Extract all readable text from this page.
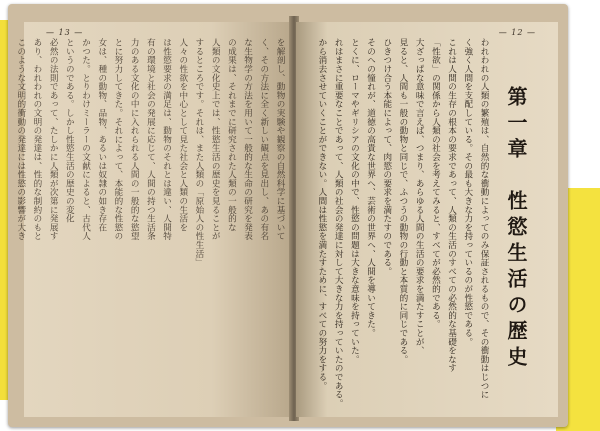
— 13 —
を解剖し、動物の実験や観察の自然科学に基づいて
く、その方法に全く新しい観点を見出し、あの有名
な生物学の方法を用いて一般的な生命の研究を発表
の成果は、それまでに研究された人類の一般的な
人類の文化史上では、性慾生活の歴史を見ることが
するところです。それは、また人類の「原始人の性生活」
人々の性欲を中心として見た社会と人類の生活を
は性慾要求の満足は、動物のそれとは違い、人間特
有の環境と社会の発展に応じて、人間の持つ生活条
力のある文化の中に入れられる人間の一般的な慾望
とに努力してきた。それによって、本能的な性慾の
女は、種の動物、品物、あるいは奴隷の如き存在
かつた。とりわけミーラーの文献によると、古代人
というのである。しかし性慾生活の歴史の変化
必然の法則であって、たしかに人類が次第に発展す
あり、われわれの文明の発達は、性的な制約のもと
このような文明的衝動の発達には性慾の影響が大き
— 12 —
われわれの人類の繁殖は、自然的な衝動によってのみ保証されるもので、その衝動はじつに
く強く人間を支配している。その最も大きな力を持っているのが性慾である。
これは人間の生存の根本の要求であって、人類の生活のすべての必然的な基礎をなす
「性欲」の関係から人類の社会を考えてみると、すべてが必然的である。
大ざっぱな意味で言えば、つまり、あらゆる人間の生活の要求を満たすことが、
見ると、人間も一般の動物と同じで、ふつうの動物の行動と本質的に同じである。
ひきつけ合う本能によって、肉慾の要求を満たすのである。
そのへの憧れが、道徳の高貴な世界へ、芸術の世界へ、人間を導いてきた。
とくに、ローマやギリシアの文化の中で、性慾の問題は大きな意味を持っていた。
れはまさに重要なことであって、人類の社会の発達に対して大きな力を持っていたのである。
から消去させていくことができない。人間は性慾を満たすために、すべての努力をする。	第一章　性慾生活の歴史
